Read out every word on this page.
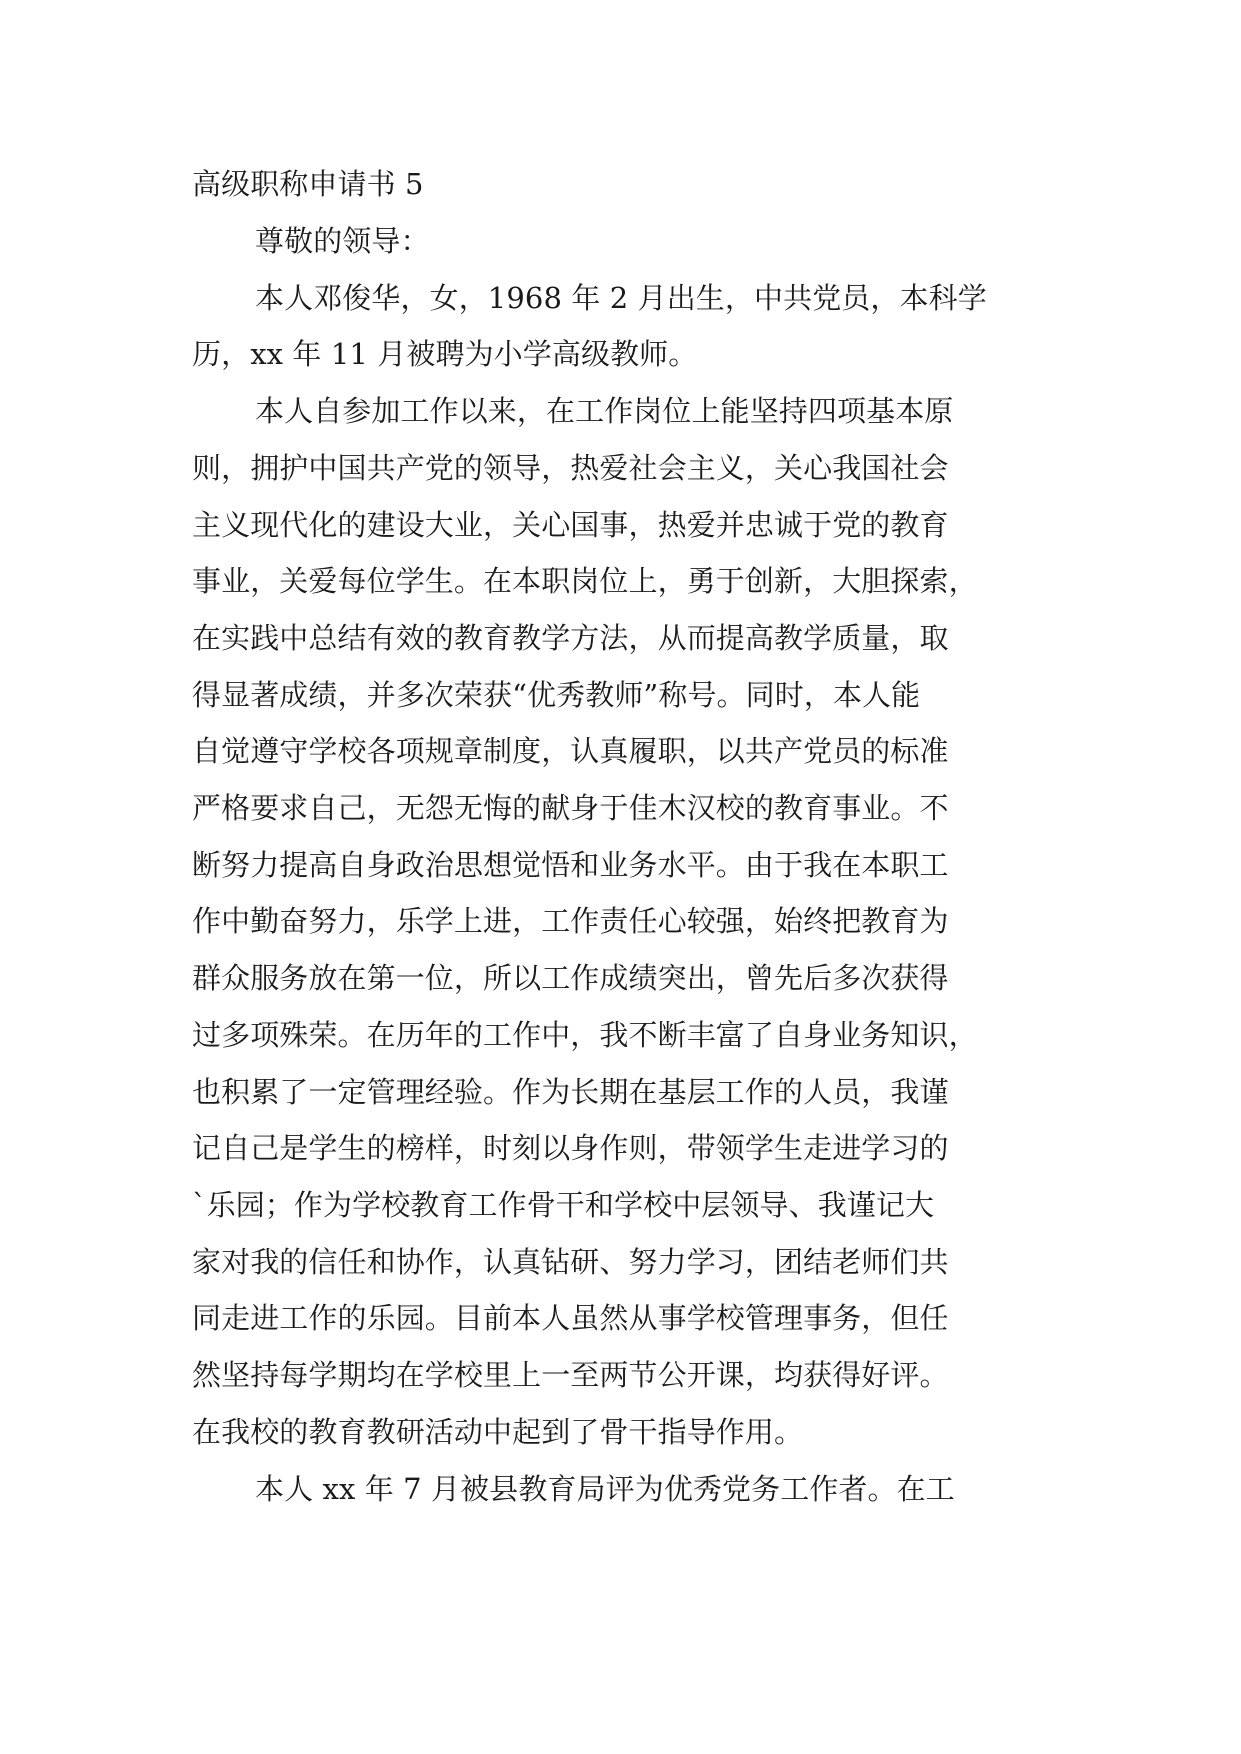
高级职称申请书 5
尊敬的领导：
本人邓俊华，女，1968 年 2 月出生，中共党员，本科学
历，xx 年 11 月被聘为小学高级教师。
本人自参加工作以来，在工作岗位上能坚持四项基本原
则，拥护中国共产党的领导，热爱社会主义，关心我国社会
主义现代化的建设大业，关心国事，热爱并忠诚于党的教育
事业，关爱每位学生。在本职岗位上，勇于创新，大胆探索，
在实践中总结有效的教育教学方法，从而提高教学质量，取
得显著成绩，并多次荣获“优秀教师”称号。同时，本人能
自觉遵守学校各项规章制度，认真履职，以共产党员的标准
严格要求自己，无怨无悔的献身于佳木汉校的教育事业。不
断努力提高自身政治思想觉悟和业务水平。由于我在本职工
作中勤奋努力，乐学上进，工作责任心较强，始终把教育为
群众服务放在第一位，所以工作成绩突出，曾先后多次获得
过多项殊荣。在历年的工作中，我不断丰富了自身业务知识，
也积累了一定管理经验。作为长期在基层工作的人员，我谨
记自己是学生的榜样，时刻以身作则，带领学生走进学习的
`乐园；作为学校教育工作骨干和学校中层领导、我谨记大
家对我的信任和协作，认真钻研、努力学习，团结老师们共
同走进工作的乐园。目前本人虽然从事学校管理事务，但任
然坚持每学期均在学校里上一至两节公开课，均获得好评。
在我校的教育教研活动中起到了骨干指导作用。
本人 xx 年 7 月被县教育局评为优秀党务工作者。在工
